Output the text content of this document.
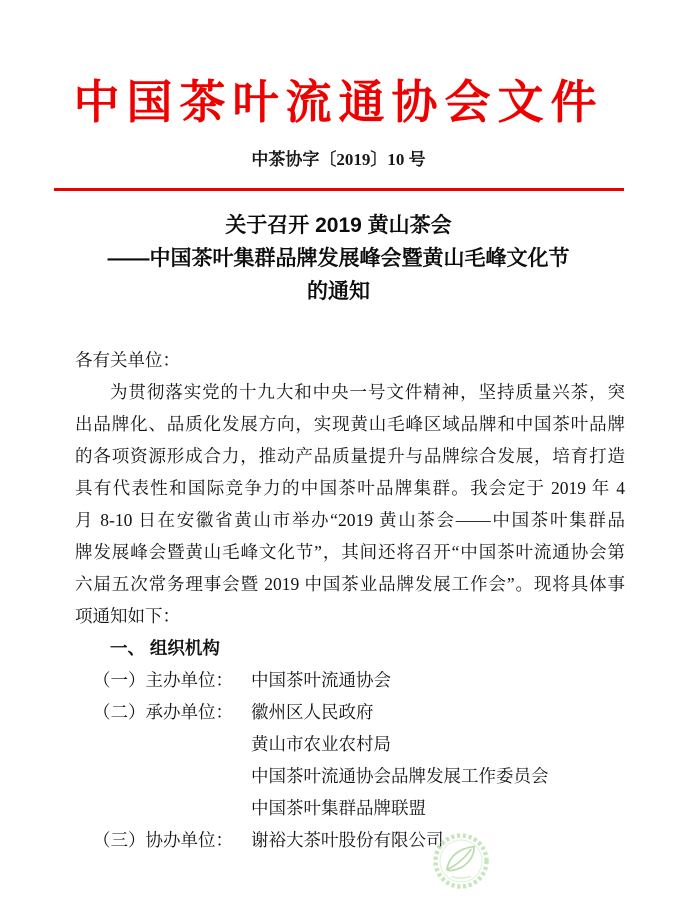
中国茶叶流通协会文件
中茶协字〔2019〕10 号
关于召开 2019 黄山茶会
——中国茶叶集群品牌发展峰会暨黄山毛峰文化节
的通知
各有关单位：
为贯彻落实党的十九大和中央一号文件精神，坚持质量兴茶，突
出品牌化、品质化发展方向，实现黄山毛峰区域品牌和中国茶叶品牌
的各项资源形成合力，推动产品质量提升与品牌综合发展，培育打造
具有代表性和国际竞争力的中国茶叶品牌集群。我会定于 2019 年 4
月 8-10 日在安徽省黄山市举办“2019 黄山茶会——中国茶叶集群品
牌发展峰会暨黄山毛峰文化节”，其间还将召开“中国茶叶流通协会第
六届五次常务理事会暨 2019 中国茶业品牌发展工作会”。现将具体事
项通知如下：
一、 组织机构
（一）主办单位：	中国茶叶流通协会
（二）承办单位：	徽州区人民政府
黄山市农业农村局
中国茶叶流通协会品牌发展工作委员会
中国茶叶集群品牌联盟
（三）协办单位：	谢裕大茶叶股份有限公司
